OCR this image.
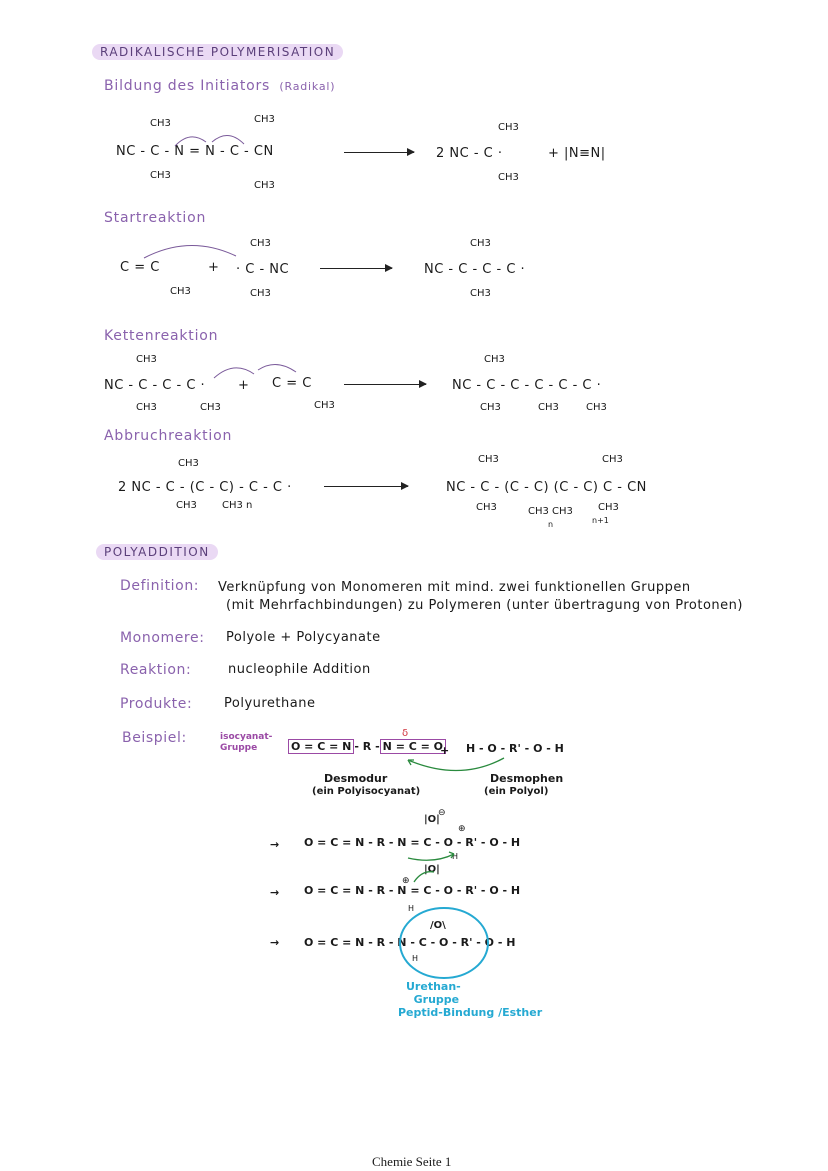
RADIKALISCHE POLYMERISATION
Bildung des Initiators (Radikal)
CH3	CH3
NC - C - N = N - C - CN
CH3
CH3
CH3
2 NC - C ·
CH3
+ |N≡N|
Startreaktion
C = C
CH3
+
CH3
· C - NC
CH3
CH3
NC - C - C - C ·
CH3
Kettenreaktion
CH3
NC - C - C - C ·	+ C = C
CH3	CH3	CH3
CH3
NC - C - C - C - C - C ·
CH3	CH3	CH3
Abbruchreaktion
CH3
2 NC - C - (C - C) - C - C ·
CH3	CH3 n
CH3	CH3
NC - C - (C - C) (C - C) C - CN
CH3	CH3 CH3	CH3
n	n+1
POLYADDITION
Definition: Verknüpfung von Monomeren mit mind. zwei funktionellen Gruppen
(mit Mehrfachbindungen) zu Polymeren (unter übertragung von Protonen)
Monomere: Polyole + Polycyanate
Reaktion:	nucleophile Addition
Produkte: Polyurethane
Beispiel:	isocyanat-
Gruppe	O = C = N - R - N = C = O
δ
+ H - O - R' - O - H
Desmodur
(ein Polyisocyanat)
Desmophen
(ein Polyol)
|O|
⊖
→ O = C = N - R - N = C - O - R' - O - H
⊕
H
|O|
⊕
→ O = C = N - R - N = C - O - R' - O - H
H
/O\
→ O = C = N - R - N - C - O - R' - O - H
H
Urethan-
Gruppe
Peptid-Bindung /Esther
Chemie Seite 1
